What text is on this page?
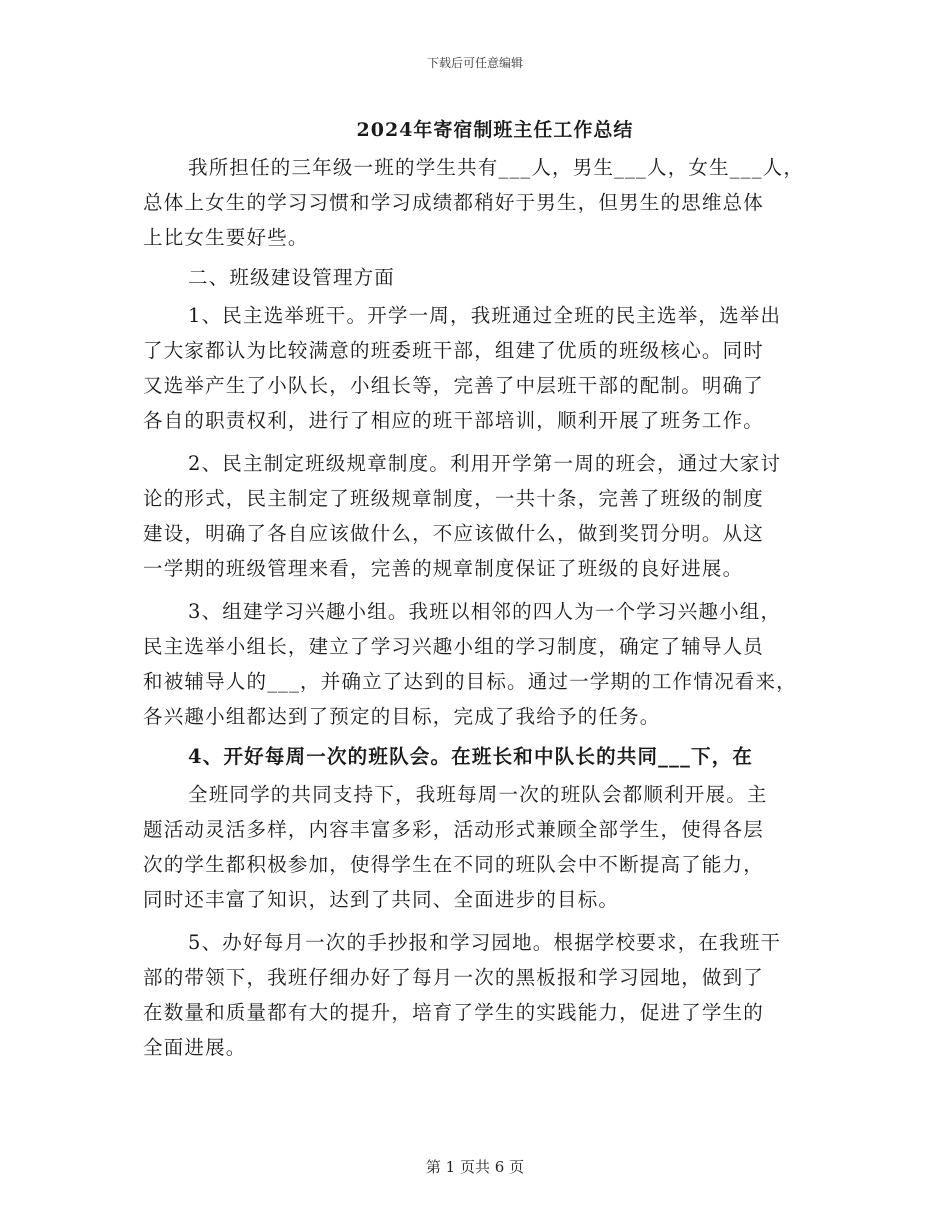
下载后可任意编辑
2024年寄宿制班主任工作总结
我所担任的三年级一班的学生共有___人，男生___人，女生___人，
总体上女生的学习习惯和学习成绩都稍好于男生，但男生的思维总体
上比女生要好些。
二、班级建设管理方面
1、民主选举班干。开学一周，我班通过全班的民主选举，选举出
了大家都认为比较满意的班委班干部，组建了优质的班级核心。同时
又选举产生了小队长，小组长等，完善了中层班干部的配制。明确了
各自的职责权利，进行了相应的班干部培训，顺利开展了班务工作。
2、民主制定班级规章制度。利用开学第一周的班会，通过大家讨
论的形式，民主制定了班级规章制度，一共十条，完善了班级的制度
建设，明确了各自应该做什么，不应该做什么，做到奖罚分明。从这
一学期的班级管理来看，完善的规章制度保证了班级的良好进展。
3、组建学习兴趣小组。我班以相邻的四人为一个学习兴趣小组，
民主选举小组长，建立了学习兴趣小组的学习制度，确定了辅导人员
和被辅导人的___，并确立了达到的目标。通过一学期的工作情况看来，
各兴趣小组都达到了预定的目标，完成了我给予的任务。
4、开好每周一次的班队会。在班长和中队长的共同___下，在
全班同学的共同支持下，我班每周一次的班队会都顺利开展。主
题活动灵活多样，内容丰富多彩，活动形式兼顾全部学生，使得各层
次的学生都积极参加，使得学生在不同的班队会中不断提高了能力，
同时还丰富了知识，达到了共同、全面进步的目标。
5、办好每月一次的手抄报和学习园地。根据学校要求，在我班干
部的带领下，我班仔细办好了每月一次的黑板报和学习园地，做到了
在数量和质量都有大的提升，培育了学生的实践能力，促进了学生的
全面进展。
第 1 页共 6 页
